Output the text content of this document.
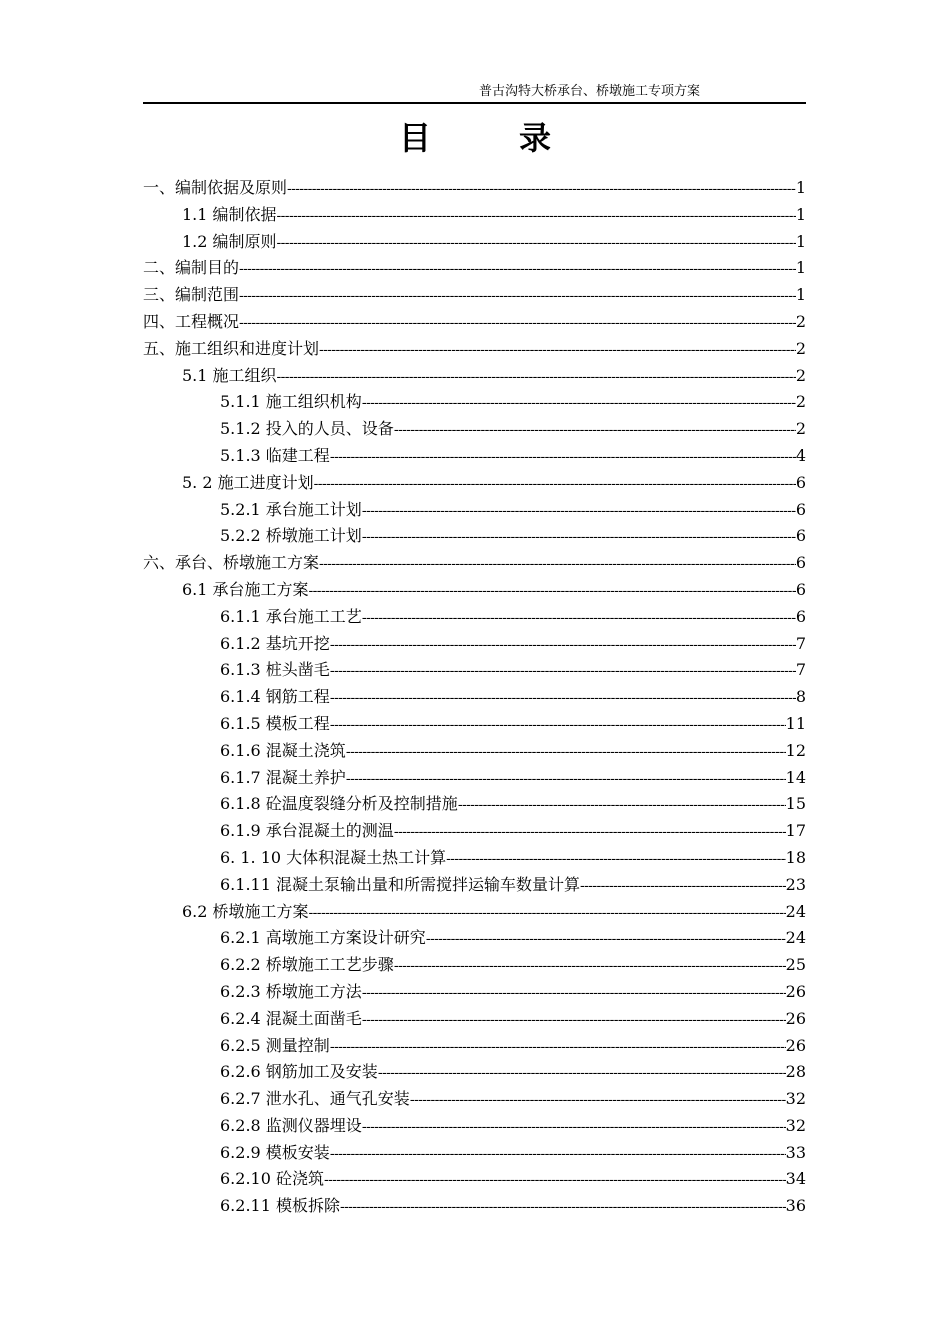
普古沟特大桥承台、桥墩施工专项方案
目	录
一、编制依据及原则 -----	1
1.1 编制依据 -----	1
1.2 编制原则 -----	1
二、编制目的 -----	1
三、编制范围 -----	1
四、工程概况 -----	2
五、施工组织和进度计划 -----	2
5.1 施工组织 -----	2
5.1.1 施工组织机构 -----	2
5.1.2 投入的人员、设备 -----	2
5.1.3 临建工程 -----	4
5. 2 施工进度计划 -----	6
5.2.1 承台施工计划 -----	6
5.2.2 桥墩施工计划 -----	6
六、承台、桥墩施工方案 -----	6
6.1 承台施工方案 -----	6
6.1.1 承台施工工艺 -----	6
6.1.2 基坑开挖 -----	7
6.1.3 桩头凿毛 -----	7
6.1.4 钢筋工程 -----	8
6.1.5 模板工程 -----	11
6.1.6 混凝土浇筑 -----	12
6.1.7 混凝土养护 -----	14
6.1.8 砼温度裂缝分析及控制措施 -----	15
6.1.9 承台混凝土的测温 -----	17
6. 1. 10 大体积混凝土热工计算 -----	18
6.1.11 混凝土泵输出量和所需搅拌运输车数量计算 -----	23
6.2 桥墩施工方案 -----	24
6.2.1 高墩施工方案设计研究 -----	24
6.2.2 桥墩施工工艺步骤 -----	25
6.2.3 桥墩施工方法 -----	26
6.2.4 混凝土面凿毛 -----	26
6.2.5 测量控制 -----	26
6.2.6 钢筋加工及安装 -----	28
6.2.7 泄水孔、通气孔安装 -----	32
6.2.8 监测仪器埋设 -----	32
6.2.9 模板安装 -----	33
6.2.10 砼浇筑 -----	34
6.2.11 模板拆除 -----	36
